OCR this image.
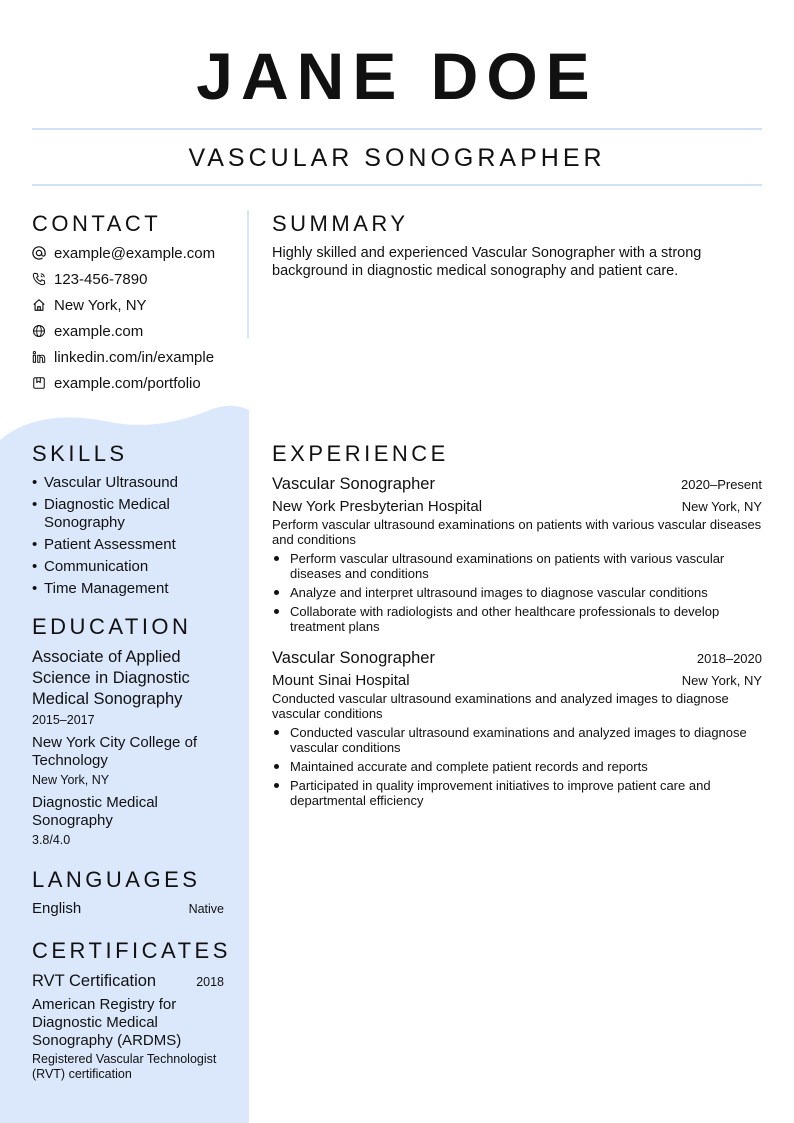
JANE DOE
VASCULAR SONOGRAPHER
CONTACT
example@example.com
123-456-7890
New York, NY
example.com
linkedin.com/in/example
example.com/portfolio
SUMMARY
Highly skilled and experienced Vascular Sonographer with a strong background in diagnostic medical sonography and patient care.
SKILLS
• Vascular Ultrasound
• Diagnostic Medical Sonography
• Patient Assessment
• Communication
• Time Management
EDUCATION
Associate of Applied Science in Diagnostic Medical Sonography
2015–2017
New York City College of Technology
New York, NY
Diagnostic Medical Sonography
3.8/4.0
LANGUAGES
English	Native
CERTIFICATES
RVT Certification	2018
American Registry for Diagnostic Medical Sonography (ARDMS)
Registered Vascular Technologist (RVT) certification
EXPERIENCE
Vascular Sonographer	2020–Present
New York Presbyterian Hospital	New York, NY
Perform vascular ultrasound examinations on patients with various vascular diseases and conditions
Perform vascular ultrasound examinations on patients with various vascular diseases and conditions
Analyze and interpret ultrasound images to diagnose vascular conditions
Collaborate with radiologists and other healthcare professionals to develop treatment plans
Vascular Sonographer	2018–2020
Mount Sinai Hospital	New York, NY
Conducted vascular ultrasound examinations and analyzed images to diagnose vascular conditions
Conducted vascular ultrasound examinations and analyzed images to diagnose vascular conditions
Maintained accurate and complete patient records and reports
Participated in quality improvement initiatives to improve patient care and departmental efficiency
